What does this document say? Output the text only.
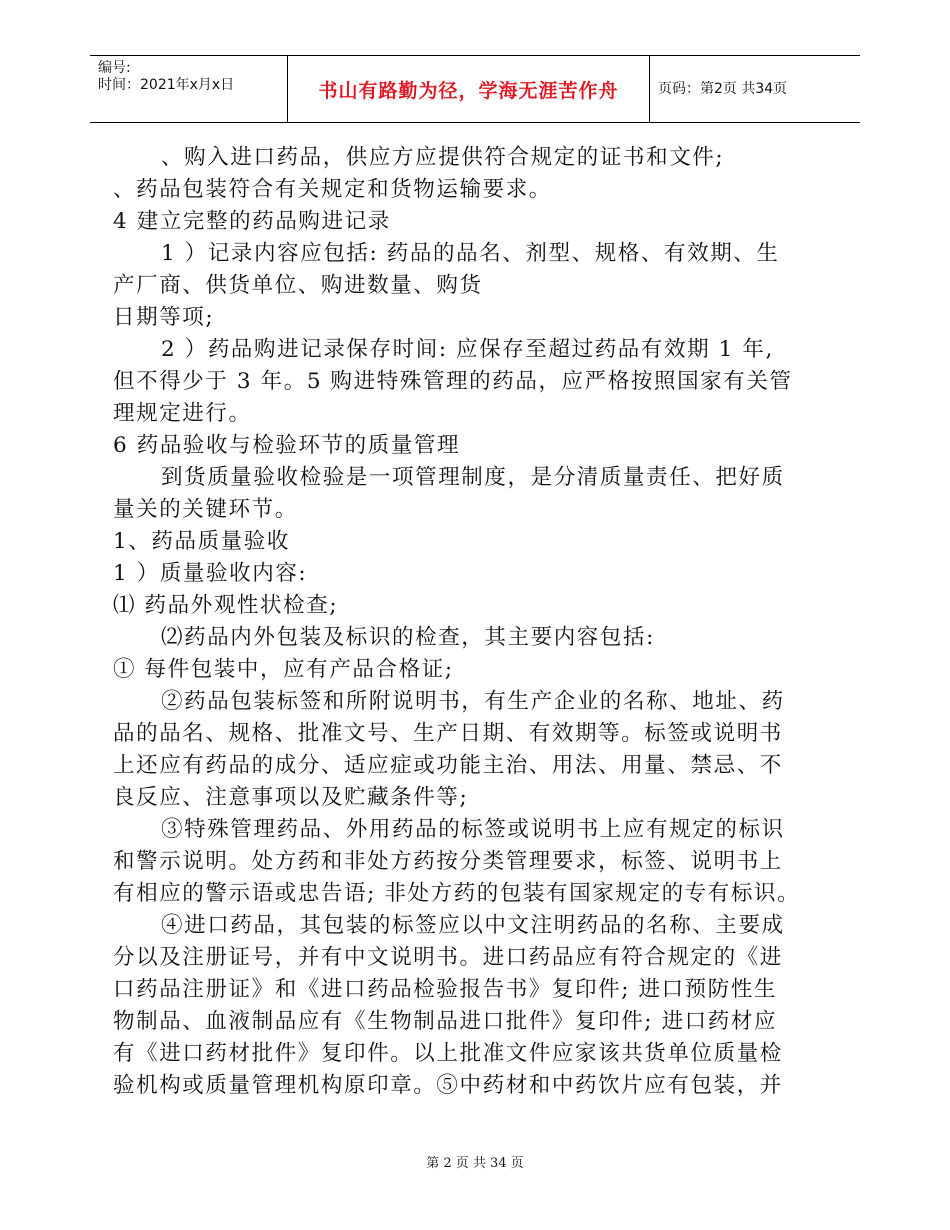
编号:
时间：2021年x月x日	书山有路勤为径，学海无涯苦作舟	页码：第2页 共34页

、购入进口药品，供应方应提供符合规定的证书和文件;

、药品包装符合有关规定和货物运输要求。

4 建立完整的药品购进记录

1 ）记录内容应包括: 药品的品名、剂型、规格、有效期、生

产厂商、供货单位、购进数量、购货

日期等项;

2 ）药品购进记录保存时间: 应保存至超过药品有效期 1 年,

但不得少于 3 年。5 购进特殊管理的药品，应严格按照国家有关管

理规定进行。

6 药品验收与检验环节的质量管理

到货质量验收检验是一项管理制度，是分清质量责任、把好质

量关的关键环节。

1、药品质量验收

1 ）质量验收内容:

⑴ 药品外观性状检查;

⑵药品内外包装及标识的检查，其主要内容包括:

① 每件包装中，应有产品合格证;

②药品包装标签和所附说明书，有生产企业的名称、地址、药

品的品名、规格、批准文号、生产日期、有效期等。标签或说明书

上还应有药品的成分、适应症或功能主治、用法、用量、禁忌、不

良反应、注意事项以及贮藏条件等;

③特殊管理药品、外用药品的标签或说明书上应有规定的标识

和警示说明。处方药和非处方药按分类管理要求，标签、说明书上

有相应的警示语或忠告语; 非处方药的包装有国家规定的专有标识。

④进口药品，其包装的标签应以中文注明药品的名称、主要成

分以及注册证号，并有中文说明书。进口药品应有符合规定的《进

口药品注册证》和《进口药品检验报告书》复印件; 进口预防性生

物制品、血液制品应有《生物制品进口批件》复印件; 进口药材应

有《进口药材批件》复印件。以上批准文件应家该共货单位质量检

验机构或质量管理机构原印章。⑤中药材和中药饮片应有包装，并

第 2 页 共 34 页
